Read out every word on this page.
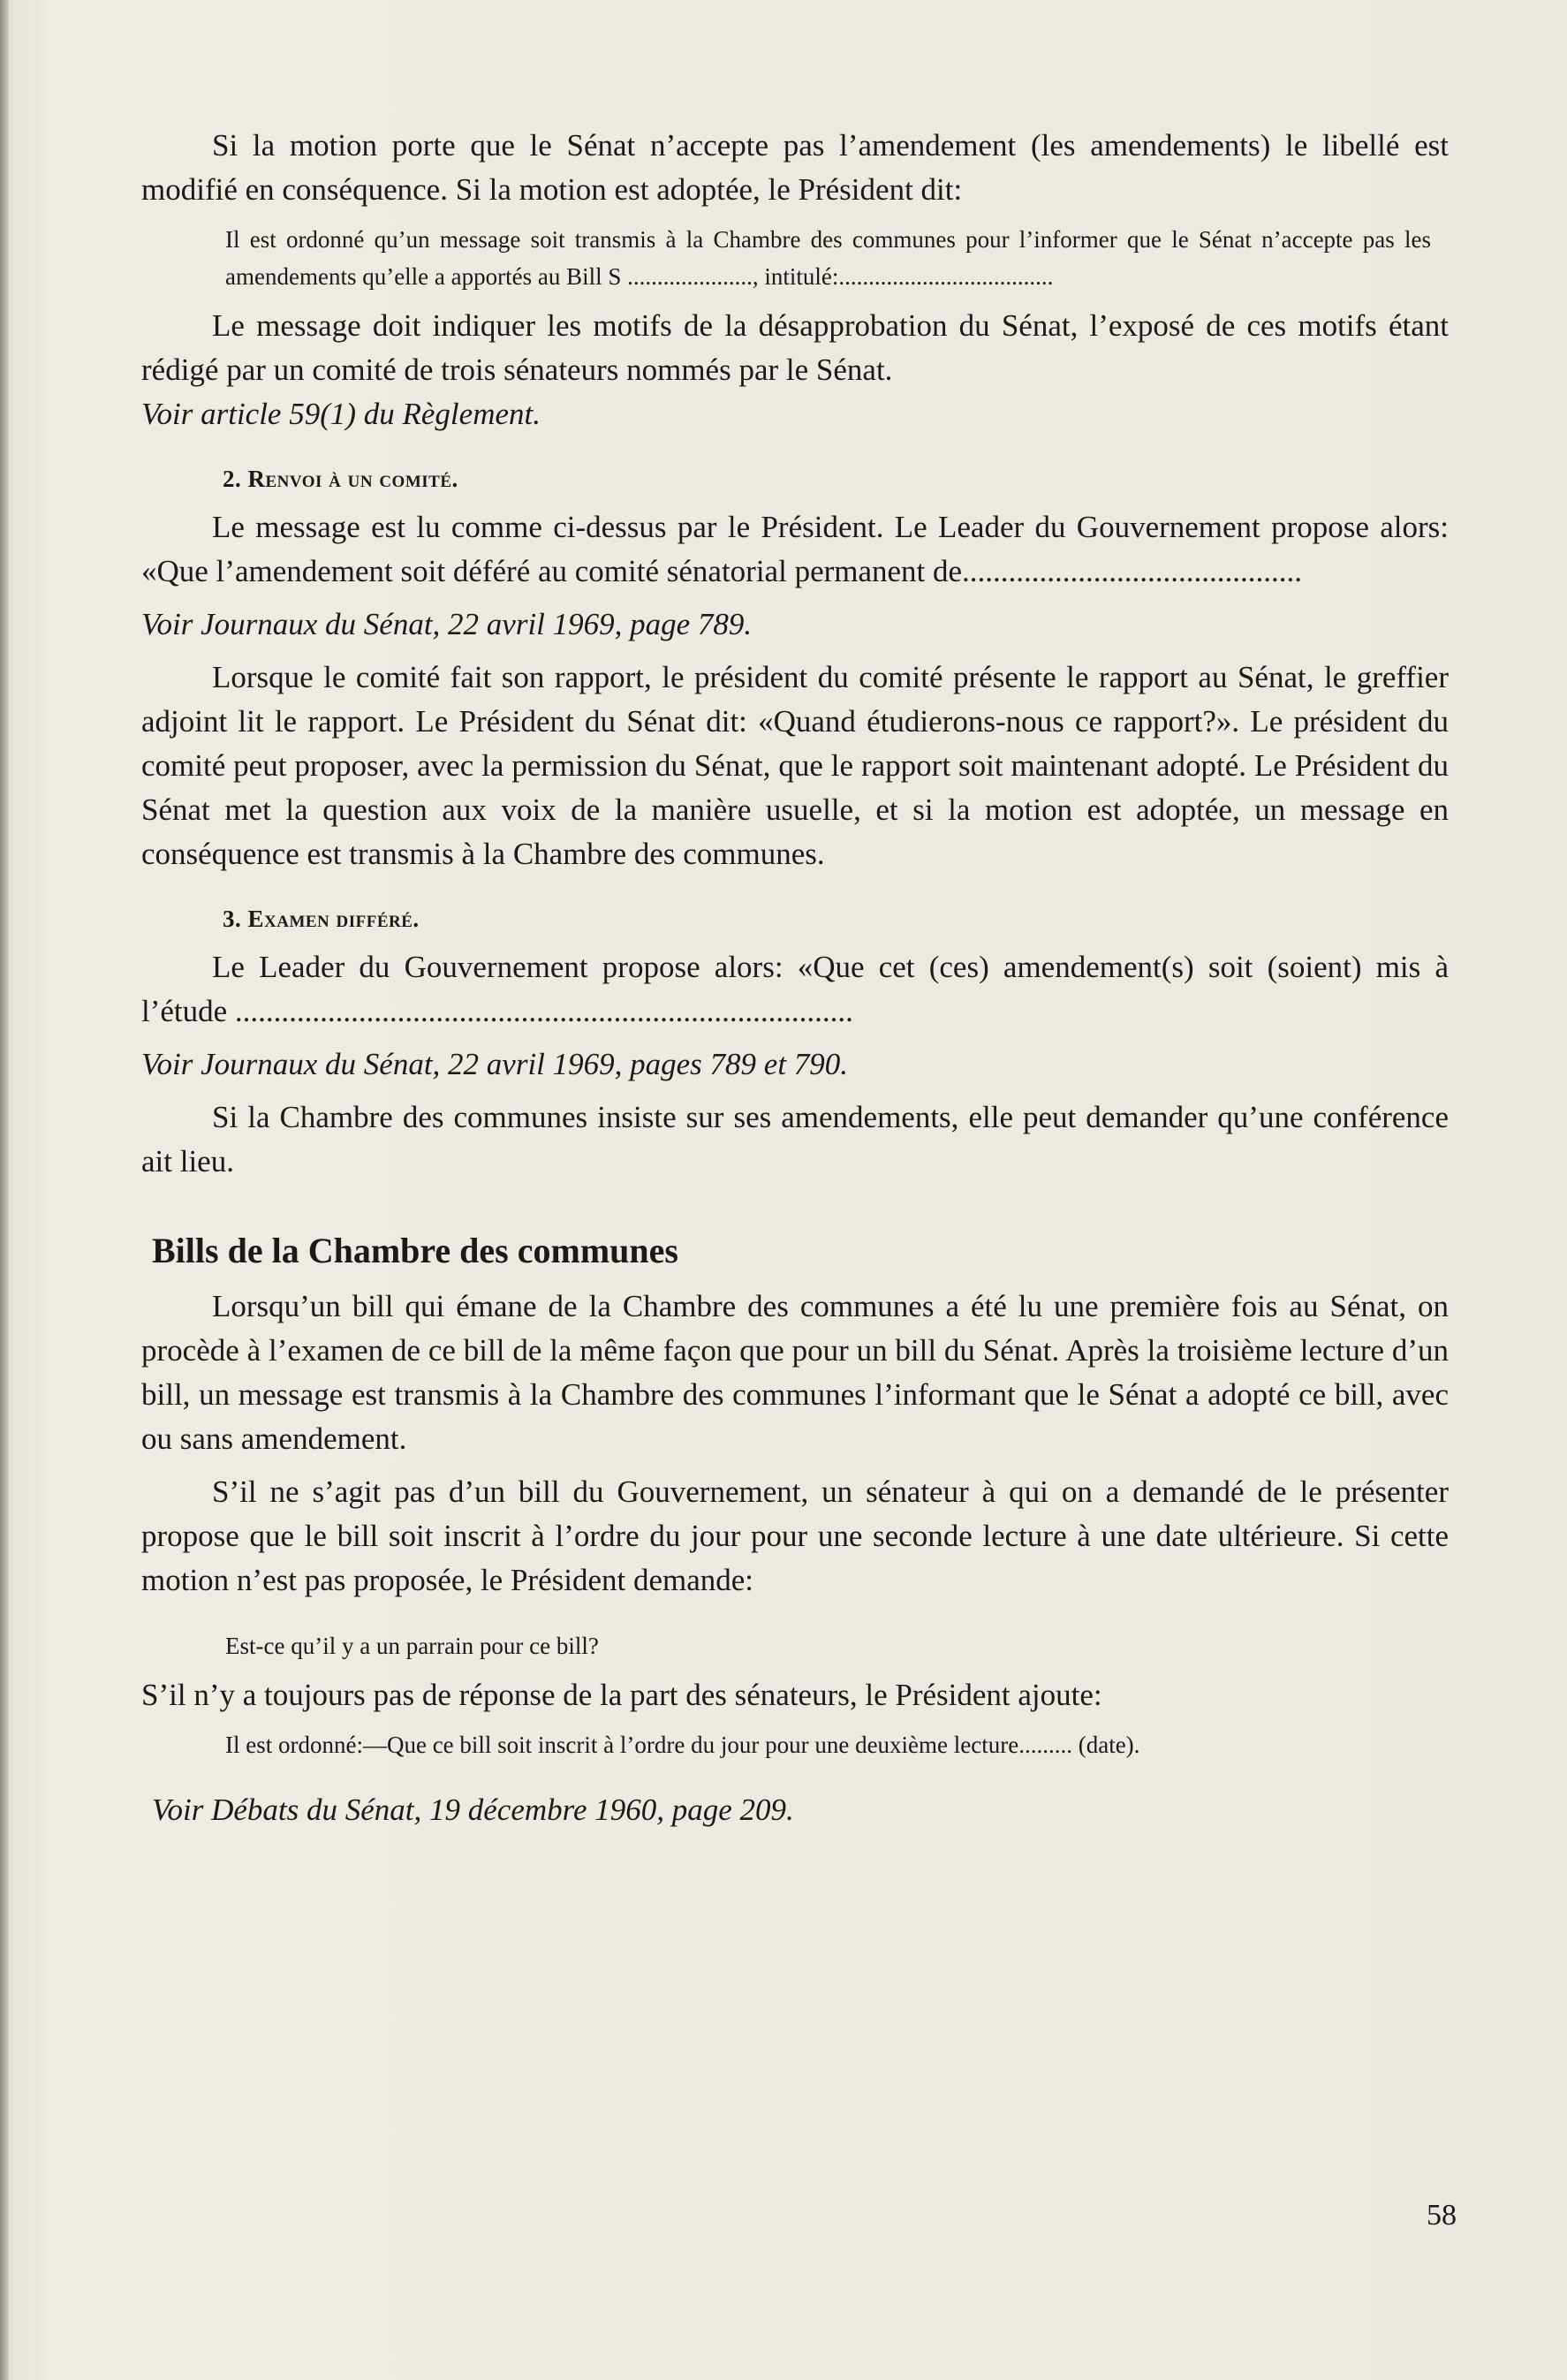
Si la motion porte que le Sénat n’accepte pas l’amendement (les amendements) le libellé est modifié en conséquence. Si la motion est adoptée, le Président dit:

Il est ordonné qu’un message soit transmis à la Chambre des communes pour l’informer que le Sénat n’accepte pas les amendements qu’elle a apportés au Bill S ....................., intitulé:....................................

Le message doit indiquer les motifs de la désapprobation du Sénat, l’exposé de ces motifs étant rédigé par un comité de trois sénateurs nommés par le Sénat.

Voir article 59(1) du Règlement.

2. Renvoi à un comité.

Le message est lu comme ci-dessus par le Président. Le Leader du Gouvernement propose alors: «Que l’amendement soit déféré au comité sénatorial permanent de............................................

Voir Journaux du Sénat, 22 avril 1969, page 789.

Lorsque le comité fait son rapport, le président du comité présente le rapport au Sénat, le greffier adjoint lit le rapport. Le Président du Sénat dit: «Quand étudierons-nous ce rapport?». Le président du comité peut proposer, avec la permission du Sénat, que le rapport soit maintenant adopté. Le Président du Sénat met la question aux voix de la manière usuelle, et si la motion est adoptée, un message en conséquence est transmis à la Chambre des communes.

3. Examen différé.

Le Leader du Gouvernement propose alors: «Que cet (ces) amendement(s) soit (soient) mis à l’étude ................................................................................

Voir Journaux du Sénat, 22 avril 1969, pages 789 et 790.

Si la Chambre des communes insiste sur ses amendements, elle peut demander qu’une conférence ait lieu.

Bills de la Chambre des communes

Lorsqu’un bill qui émane de la Chambre des communes a été lu une première fois au Sénat, on procède à l’examen de ce bill de la même façon que pour un bill du Sénat. Après la troisième lecture d’un bill, un message est transmis à la Chambre des communes l’informant que le Sénat a adopté ce bill, avec ou sans amendement.

S’il ne s’agit pas d’un bill du Gouvernement, un sénateur à qui on a demandé de le présenter propose que le bill soit inscrit à l’ordre du jour pour une seconde lecture à une date ultérieure. Si cette motion n’est pas proposée, le Président demande:

Est-ce qu’il y a un parrain pour ce bill?

S’il n’y a toujours pas de réponse de la part des sénateurs, le Président ajoute:

Il est ordonné:—Que ce bill soit inscrit à l’ordre du jour pour une deuxième lecture......... (date).

Voir Débats du Sénat, 19 décembre 1960, page 209.

58
